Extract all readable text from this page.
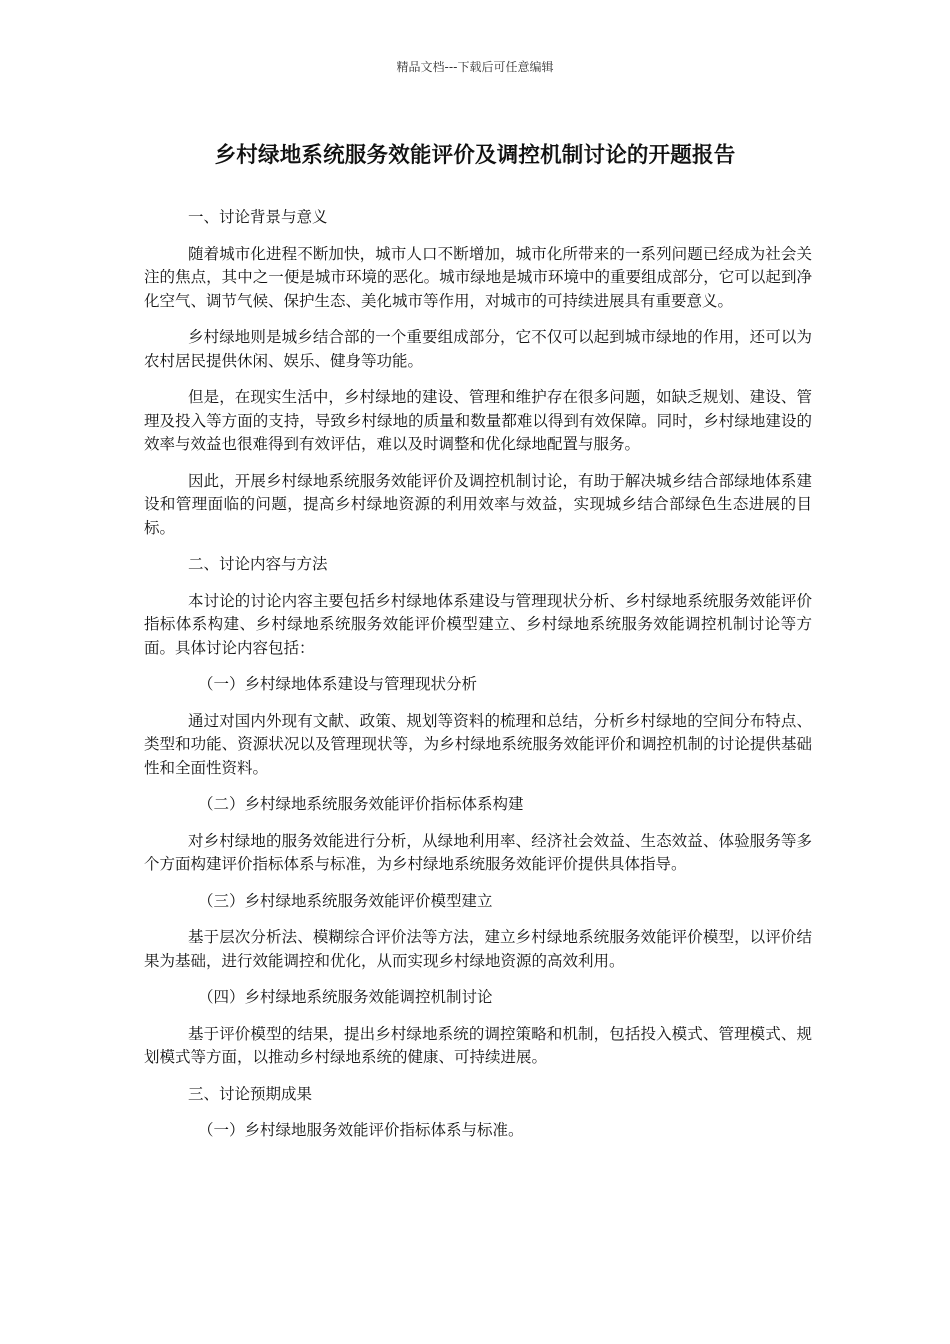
精品文档---下载后可任意编辑
乡村绿地系统服务效能评价及调控机制讨论的开题报告

一、讨论背景与意义

随着城市化进程不断加快，城市人口不断增加，城市化所带来的一系列问题已经成为社会关注的焦点，其中之一便是城市环境的恶化。城市绿地是城市环境中的重要组成部分，它可以起到净化空气、调节气候、保护生态、美化城市等作用，对城市的可持续进展具有重要意义。

乡村绿地则是城乡结合部的一个重要组成部分，它不仅可以起到城市绿地的作用，还可以为农村居民提供休闲、娱乐、健身等功能。

但是，在现实生活中，乡村绿地的建设、管理和维护存在很多问题，如缺乏规划、建设、管理及投入等方面的支持，导致乡村绿地的质量和数量都难以得到有效保障。同时，乡村绿地建设的效率与效益也很难得到有效评估，难以及时调整和优化绿地配置与服务。

因此，开展乡村绿地系统服务效能评价及调控机制讨论，有助于解决城乡结合部绿地体系建设和管理面临的问题，提高乡村绿地资源的利用效率与效益，实现城乡结合部绿色生态进展的目标。

二、讨论内容与方法

本讨论的讨论内容主要包括乡村绿地体系建设与管理现状分析、乡村绿地系统服务效能评价指标体系构建、乡村绿地系统服务效能评价模型建立、乡村绿地系统服务效能调控机制讨论等方面。具体讨论内容包括：

（一）乡村绿地体系建设与管理现状分析

通过对国内外现有文献、政策、规划等资料的梳理和总结，分析乡村绿地的空间分布特点、类型和功能、资源状况以及管理现状等，为乡村绿地系统服务效能评价和调控机制的讨论提供基础性和全面性资料。

（二）乡村绿地系统服务效能评价指标体系构建

对乡村绿地的服务效能进行分析，从绿地利用率、经济社会效益、生态效益、体验服务等多个方面构建评价指标体系与标准，为乡村绿地系统服务效能评价提供具体指导。

（三）乡村绿地系统服务效能评价模型建立

基于层次分析法、模糊综合评价法等方法，建立乡村绿地系统服务效能评价模型，以评价结果为基础，进行效能调控和优化，从而实现乡村绿地资源的高效利用。

（四）乡村绿地系统服务效能调控机制讨论

基于评价模型的结果，提出乡村绿地系统的调控策略和机制，包括投入模式、管理模式、规划模式等方面，以推动乡村绿地系统的健康、可持续进展。

三、讨论预期成果

（一）乡村绿地服务效能评价指标体系与标准。
